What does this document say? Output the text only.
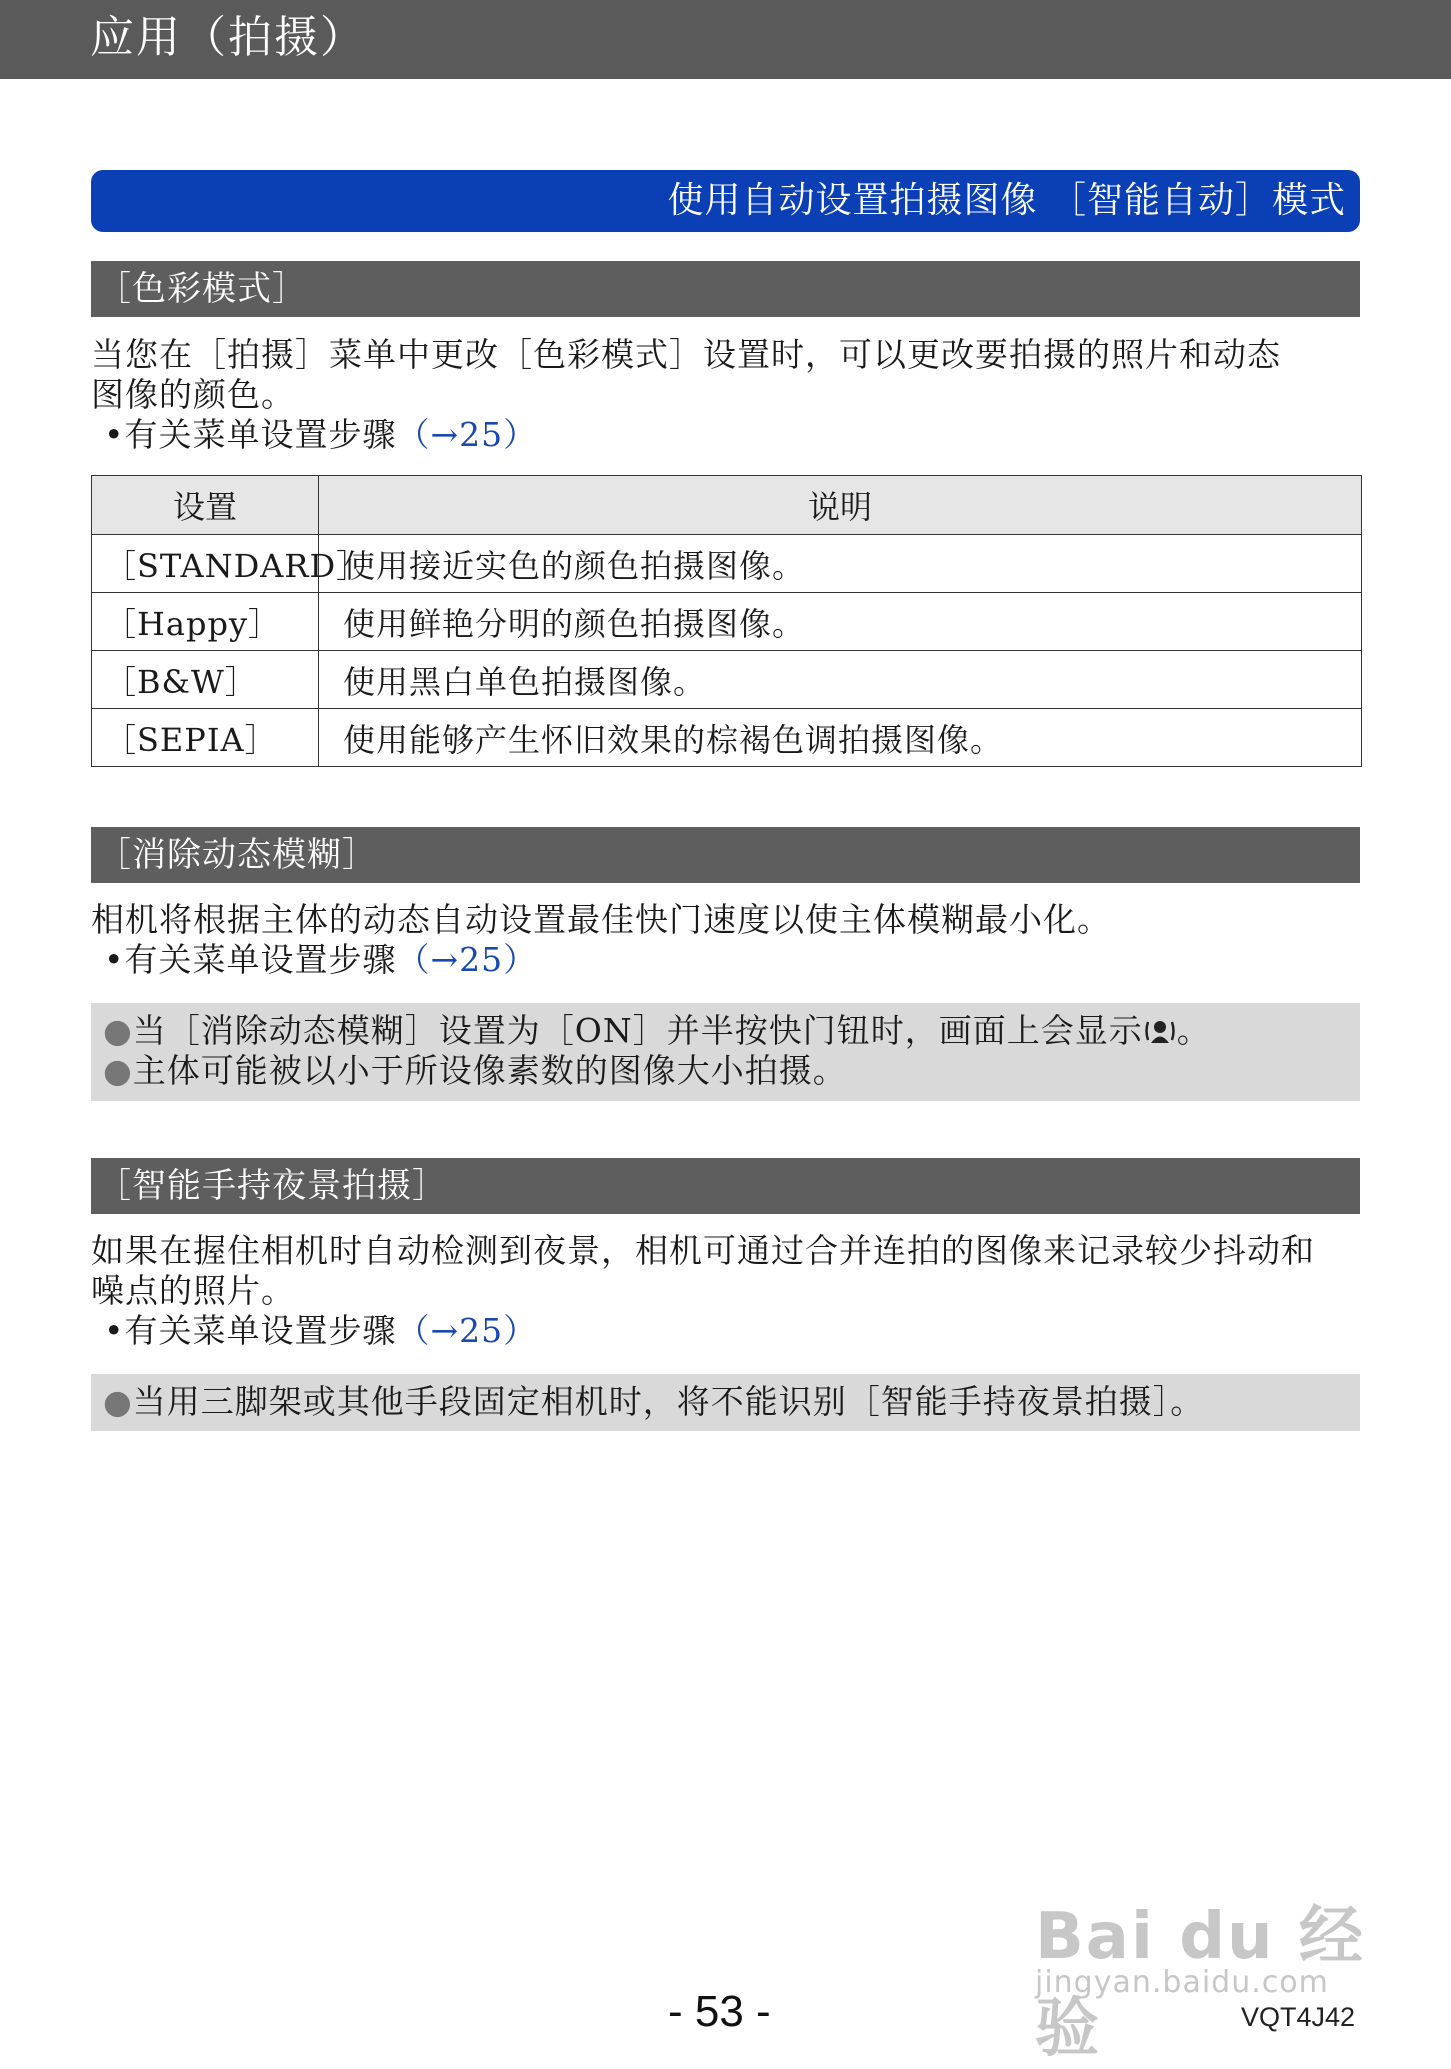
应用（拍摄）
使用自动设置拍摄图像 ［智能自动］模式
［色彩模式］
当您在［拍摄］菜单中更改［色彩模式］设置时，可以更改要拍摄的照片和动态
图像的颜色。
•有关菜单设置步骤（→25）
设置	说明
［STANDARD］	使用接近实色的颜色拍摄图像。
［Happy］	使用鲜艳分明的颜色拍摄图像。
［B&W］	使用黑白单色拍摄图像。
［SEPIA］	使用能够产生怀旧效果的棕褐色调拍摄图像。
［消除动态模糊］
相机将根据主体的动态自动设置最佳快门速度以使主体模糊最小化。
•有关菜单设置步骤（→25）
●当［消除动态模糊］设置为［ON］并半按快门钮时，画面上会显示 。
●主体可能被以小于所设像素数的图像大小拍摄。
［智能手持夜景拍摄］
如果在握住相机时自动检测到夜景，相机可通过合并连拍的图像来记录较少抖动和
噪点的照片。
•有关菜单设置步骤（→25）
●当用三脚架或其他手段固定相机时，将不能识别［智能手持夜景拍摄］。
Bai du 经验
jingyan.baidu.com
- 53 -	VQT4J42
